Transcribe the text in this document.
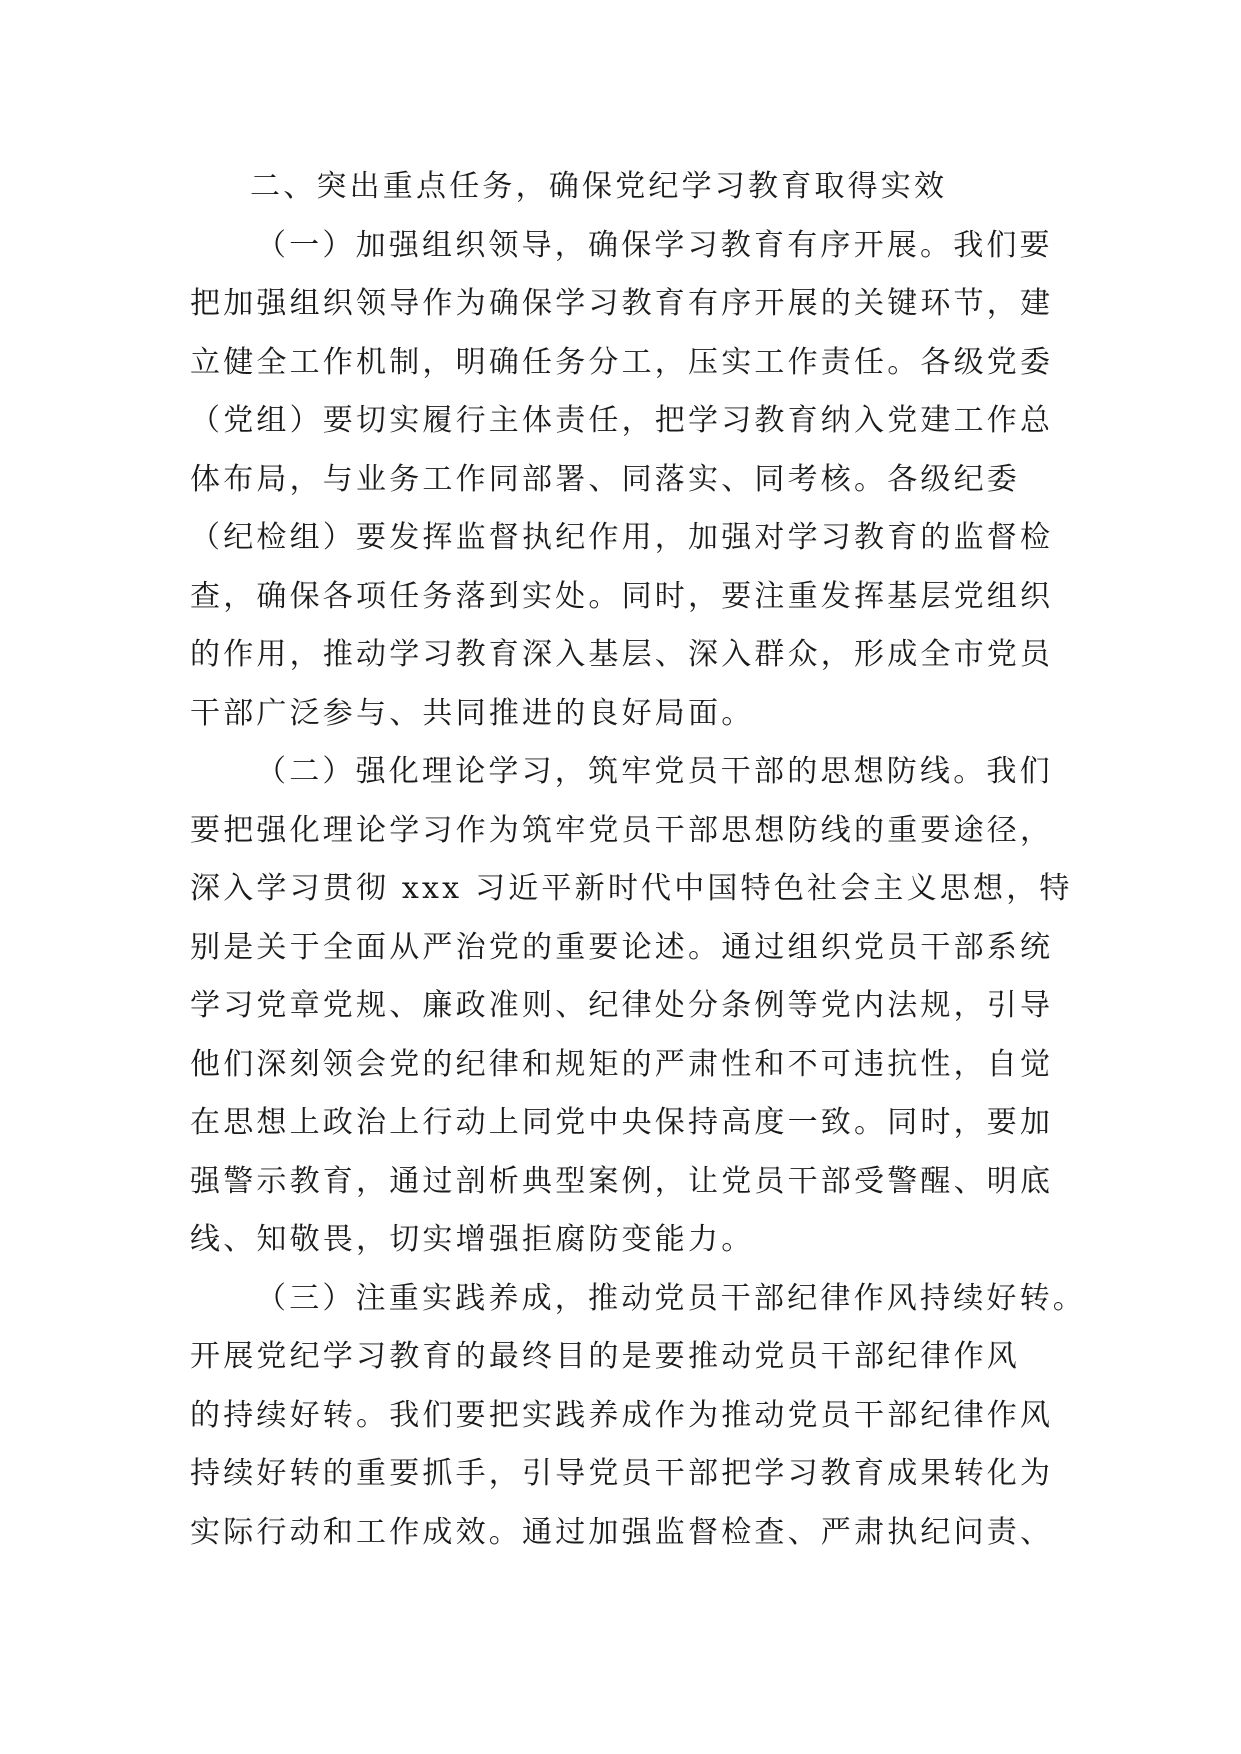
二、突出重点任务，确保党纪学习教育取得实效

（一）加强组织领导，确保学习教育有序开展。我们要
把加强组织领导作为确保学习教育有序开展的关键环节，建
立健全工作机制，明确任务分工，压实工作责任。各级党委
（党组）要切实履行主体责任，把学习教育纳入党建工作总
体布局，与业务工作同部署、同落实、同考核。各级纪委
（纪检组）要发挥监督执纪作用，加强对学习教育的监督检
查，确保各项任务落到实处。同时，要注重发挥基层党组织
的作用，推动学习教育深入基层、深入群众，形成全市党员
干部广泛参与、共同推进的良好局面。
（二）强化理论学习，筑牢党员干部的思想防线。我们
要把强化理论学习作为筑牢党员干部思想防线的重要途径，
深入学习贯彻 xxx 习近平新时代中国特色社会主义思想，特
别是关于全面从严治党的重要论述。通过组织党员干部系统
学习党章党规、廉政准则、纪律处分条例等党内法规，引导
他们深刻领会党的纪律和规矩的严肃性和不可违抗性，自觉
在思想上政治上行动上同党中央保持高度一致。同时，要加
强警示教育，通过剖析典型案例，让党员干部受警醒、明底
线、知敬畏，切实增强拒腐防变能力。
（三）注重实践养成，推动党员干部纪律作风持续好转。
开展党纪学习教育的最终目的是要推动党员干部纪律作风
的持续好转。我们要把实践养成作为推动党员干部纪律作风
持续好转的重要抓手，引导党员干部把学习教育成果转化为
实际行动和工作成效。通过加强监督检查、严肃执纪问责、
